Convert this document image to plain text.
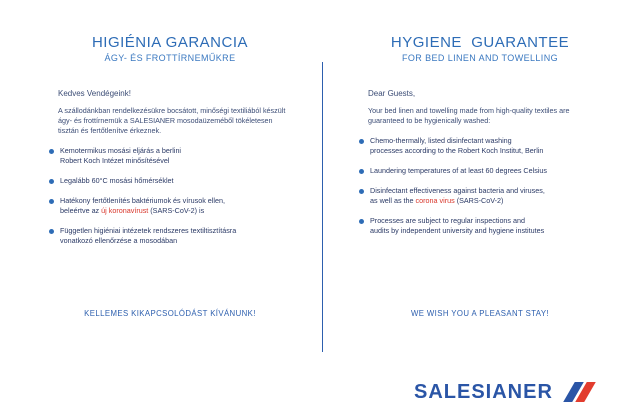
HIGIÉNIA GARANCIA
ÁGY- ÉS FROTTÍRNEMŰKRE
Kedves Vendégeink!
A szállodánkban rendelkezésükre bocsátott, minőségi textiliából készült ágy- és frottírnemük a SALESIANER mosodaüzeméből tökéletesen tisztán és fertőtlenítve érkeznek.
Kemotermikus mosási eljárás a berlini
Robert Koch Intézet minősítésével
Legalább 60°C mosási hőmérséklet
Hatékony fertőtlenítés baktériumok és vírusok ellen,
beleértve az új koronavírust (SARS-CoV-2) is
Független higiéniai intézetek rendszeres textiltisztításra
vonatkozó ellenőrzése a mosodában
KELLEMES KIKAPCSOLÓDÁST KÍVÁNUNK!
HYGIENE  GUARANTEE
FOR BED LINEN AND TOWELLING
Dear Guests,
Your bed linen and towelling made from high-quality textiles are guaranteed to be hygienically washed:
Chemo-thermally, listed disinfectant washing
processes according to the Robert Koch Institut, Berlin
Laundering temperatures of at least 60 degrees Celsius
Disinfectant effectiveness against bacteria and viruses,
as well as the corona virus (SARS-CoV-2)
Processes are subject to regular inspections and
audits by independent university and hygiene institutes
WE WISH YOU A PLEASANT STAY!
SALESIANER
